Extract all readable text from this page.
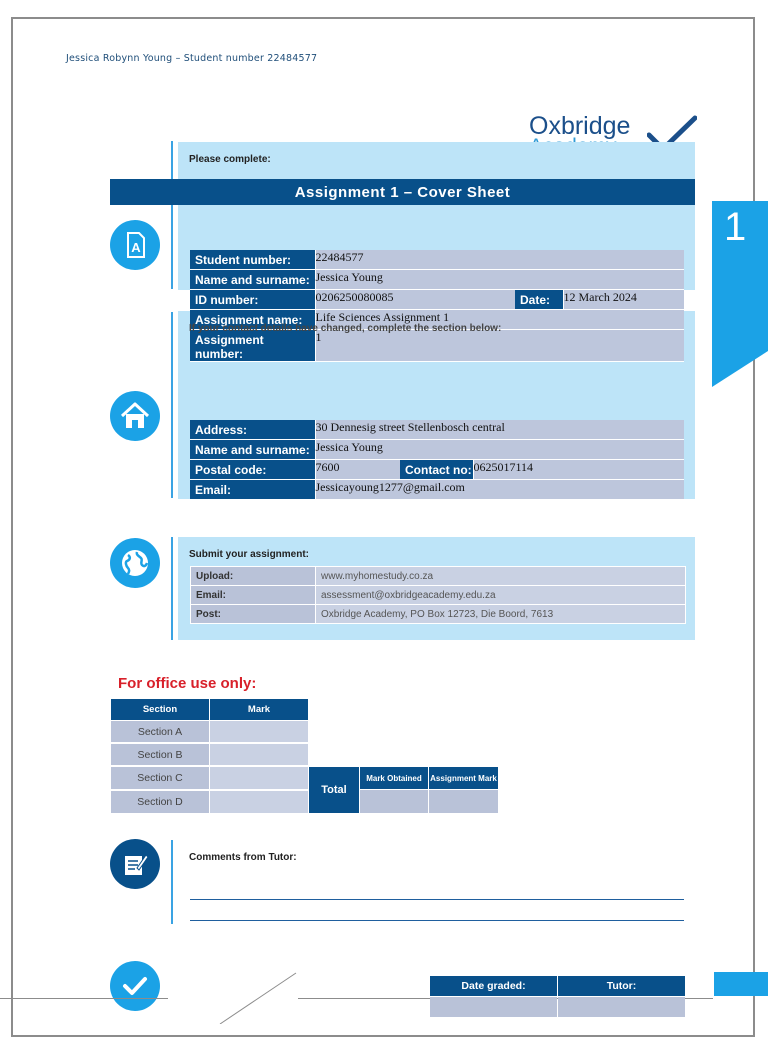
Jessica Robynn Young – Student number 22484577
Oxbridge
1
Please complete:
Assignment 1 – Cover Sheet
A
Student number:	22484577		
Name and surname:	Jessica Young		
ID number:	0206250080085	Date:	12 March 2024
Assignment name:	Life Sciences Assignment 1		
Assignment number:	1		
If your contact details have changed, complete the section below:
Address:	30 Dennesig street Stellenbosch central		
Name and surname:	Jessica Young		
Postal code:	7600	Contact no:	0625017114
Email:	Jessicayoung1277@gmail.com		
Submit your assignment:
Upload:	www.myhomestudy.co.za
Email:	assessment@oxbridgeacademy.edu.za
Post:	Oxbridge Academy, PO Box 12723, Die Boord, 7613
For office use only:
Section	Mark
Section A
Section B
Section C
Section D
Total
Mark Obtained	Assignment Mark
Comments from Tutor:
Date graded:	Tutor:
